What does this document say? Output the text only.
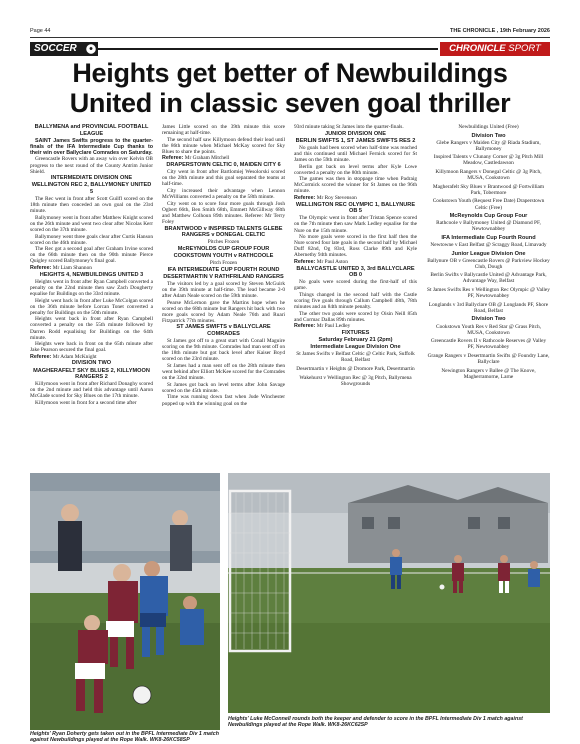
Page 44	THE CHRONICLE , 19th February 2026
SOCCER	CHRONICLE SPORT
Heights get better of Newbuildings
United in classic seven goal thriller

BALLYMENA and PROVINCIAL FOOTBALL LEAGUE

SAINT James Swifts progress to the quarter-finals of the IFA Intermediate Cup thanks to their win over Ballyclare Comrades on Saturday.

Greencastle Rovers with an away win over Kelvin OB progress to the next round of the County Antrim Junior Shield.

INTERMEDIATE DIVISION ONE

WELLINGTON REC 2, BALLYMONEY UNITED 5

The Rec went in front after Scott Guilfl scored on the 18th minute then conceded an own goal on the 23rd minute.

Ballymoney went in front after Matthew Knight scored on the 26th minute and went two clear after Nicolas Kerr scored on the 37th minute.

Ballymoney went three goals clear after Curtis Hanson scored on the 46th minute.

The Rec got a second goal after Graham Irvine scored on the 66th minute then on the 90th minute Pierce Quigley scored Ballymoney's final goal.

Referee: Mr Liam Shannon

HEIGHTS 4, NEWBUILDINGS UNITED 3

Heights went in front after Ryan Campbell converted a penalty on the 22nd minute then saw Zach Dougherty equalise for Buildings on the 33rd minute.

Height went back in front after Luke McColgan scored on the 36th minute before Lorcan Tonet converted a penalty for Buildings on the 50th minute.

Heights went back in front after Ryan Campbell converted a penalty on the 55th minute followed by Darren Rodd equalising for Buildings on the 64th minute.

Heights were back in front on the 65th minute after Jake Pearson secured the final goal.

Referee: Mr Adam McKnight

DIVISION TWO

MAGHERAFELT SKY BLUES 2, KILLYMOON RANGERS 2

Killymoon went in front after Richard Donaghy scored on the 2nd minute and held this advantage until Aaron McGlade scored for Sky Blues on the 17th minute.

Killymoon went in front for a second time after

James Little scored on the 39th minute this score remaining at half-time.

The second half saw Killymoon defend their lead until the 86th minute when Michael McKay scored for Sky Blues to share the points.

Referee: Mr Graham Mitchell

DRAPERSTOWN CELTIC 0, MAIDEN CITY 6

City went in front after Bartlomiej Wesolorski scored on the 28th minute and this goal separated the teams at half-time.

City increased their advantage when Lennon McWilliams converted a penalty on the 58th minute.

City went on to score four more goals through Josh Ogbert 66th, Ben Smith 68th, Emmett McGillway 68th and Matthew Colhoun 89th minutes. Referee: Mr Terry Foley

BRANTWOOD v INSPIRED TALENTS GLEBE RANGERS v DONEGAL CELTIC

Pitches Frozen

McREYNOLDS CUP GROUP FOUR

COOKSTOWN YOUTH v RATHCOOLE

Pitch Frozen

IFA INTERMEDIATE CUP FOURTH ROUND

DESERTMARTIN V RATHFRILAND RANGERS

The visitors led by a goal scored by Steven McGuirk on the 39th minute at half-time. The lead became 2-0 after Adam Neale scored on the 59th minute.

Pearse McLernon gave the Martins hope when he scored on the 68th minute but Rangers hit back with two more goals scored by Adam Neale 76th and Ruari Fitzpatrick 77th minutes.

ST JAMES SWIFTS v BALLYCLARE COMRADES

St James got off to a great start with Conall Maguire scoring on the 9th minute. Comrades had man sent off on the 18th minute but got back level after Kaiser Boyd scored on the 23rd minute.

St James had a man sent off on the 28th minute then went behind after Elliott McKee scored for the Comrades on the 32nd minute.

St James got back on level terms after John Savage scored on the 45th minute.

Time was running down fast when Jude Winchester popped up with the winning goal on the

93rd minute taking St James into the quarter-finals.

JUNIOR DIVISION ONE

BERLIN SWIFTS 1, ST JAMES SWIFTS RES 2

No goals had been scored when half-time was reached and this continued until Michael Fernick scored for St James on the 59th minute.

Berlin got back on level terms after Kyle Lowe converted a penalty on the 80th minute.

The games was then in stoppage time when Padraig McCormick scored the winner for St James on the 96th minute.

Referee: Mr Roy Stevenson

WELLINGTON REC OLYMPIC 1, BALLYNURE OB 5

The Olympic went in front after Tristan Spence scored on the 7th minute then saw Mark Ledley equalise for the Nure on the 15th minute.

No more goals were scored in the first half then the Nure scored four late goals in the second half by Michael Duff 82nd, Og 83rd, Ross Clarke 89th and Kyle Abernethy 94th minutes.

Referee: Mr Paul Aston

BALLYCASTLE UNITED 3, 3rd BALLYCLARE OB 0

No goals were scored during the first-half of this game.

Things changed in the second half with the Castle scoring five goals through Callum Campbell 48th, 78th minutes and an 84th minute penalty.

The other two goals were scored by Oisin Neill 85th and Cormac Dallas 89th minutes.

Referee: Mr Paul Ledley

FIXTURES

Saturday February 21 (2pm)

Intermediate League Division One

St James Swifts v Belfast Celtic @ Celtic Park, Suffolk Road, Belfast

Desertmartin v Heights @ Dromore Park, Desertmartin

Wakehurst v Wellington Rec @ 3g Pitch, Ballymena Showgrounds

Newbuildings United (Free)

Division Two

Glebe Rangers v Maiden City @ Riada Stadium, Ballymoney

Inspired Talents v Clunany Corner @ 3g Pitch Mill Meadow, Castledawson

Killymoon Rangers v Donegal Celtic @ 3g Pitch, MUSA, Cookstown

Magherafelt Sky Blues v Brantwood @ Fortwilliam Park, Tobermore

Cookstown Youth (Request Free Date) Draperstown Celtic (Free)

McReynolds Cup Group Four

Rathcoole v Ballymoney United @ Diamond PF, Newtownabbey

IFA Intermediate Cup Fourth Round

Newtowne v East Belfast @ Scraggy Road, Limavady

Junior League Division One

Ballynure OB v Greencastle Rovers @ Parkview Hockey Club, Dough

Berlin Swifts v Ballycastle United @ Advantage Park, Advantage Way, Belfast

St James Swifts Res v Wellington Rec Olympic @ Valley PF, Newtownabbey

Longlands v 3rd Ballyclare OB @ Longlands PF, Shore Road, Belfast

Division Two

Cookstown Youth Res v Red Star @ Grass Pitch, MUSA, Cookstown

Greencastle Rovers II v Rathcoole Reserves @ Valley PF, Newtownabbey

Grange Rangers v Desertmartin Swifts @ Foundry Lane, Ballyclare

Newington Rangers v Ballee @ The Knove, Magherramorne, Larne

Heights' Ryan Doherty gets taken out in the BPFL Intermediate Div 1 match against Newbuildings played at the Rope Walk. WK8-26KC58SP
Heights' Luke McConnell rounds both the keeper and defender to score in the BPFL Intermediate Div 1 match against Newbuildings played at the Rope Walk. WK8-26KC62SP
